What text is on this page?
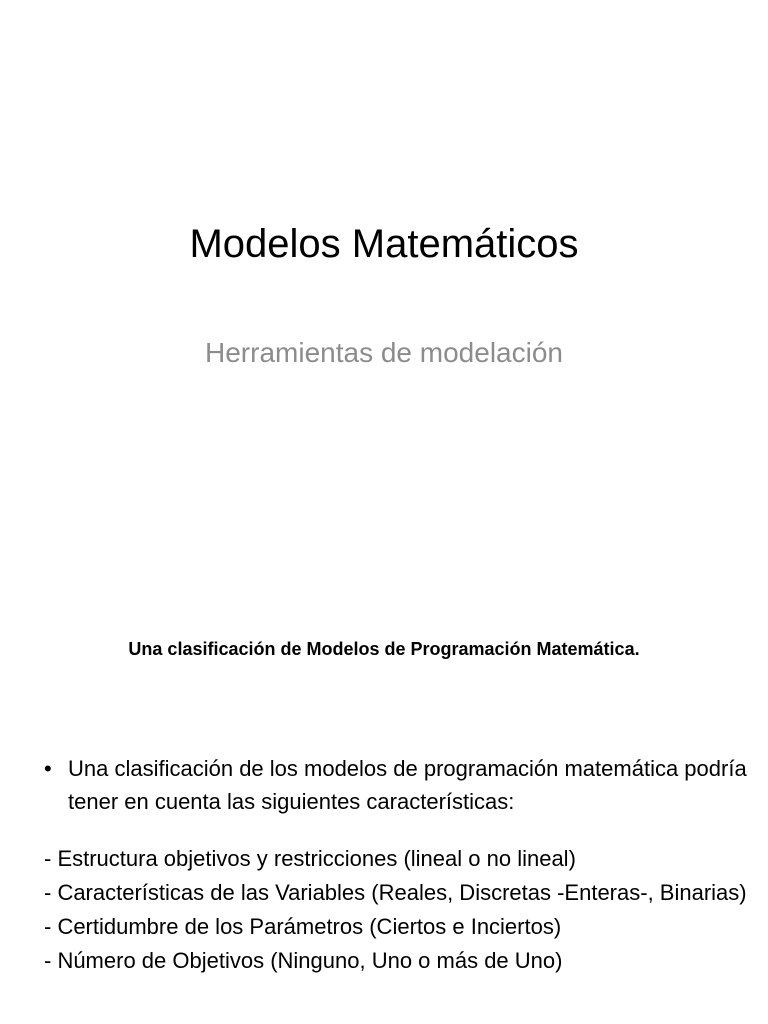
Modelos Matemáticos
Herramientas de modelación
Una clasificación de Modelos de Programación Matemática.
• Una clasificación de los modelos de programación matemática podría tener en cuenta las siguientes características:
- Estructura objetivos y restricciones (lineal o no lineal)
- Características de las Variables (Reales, Discretas -Enteras-, Binarias)
- Certidumbre de los Parámetros (Ciertos e Inciertos)
- Número de Objetivos (Ninguno, Uno o más de Uno)
